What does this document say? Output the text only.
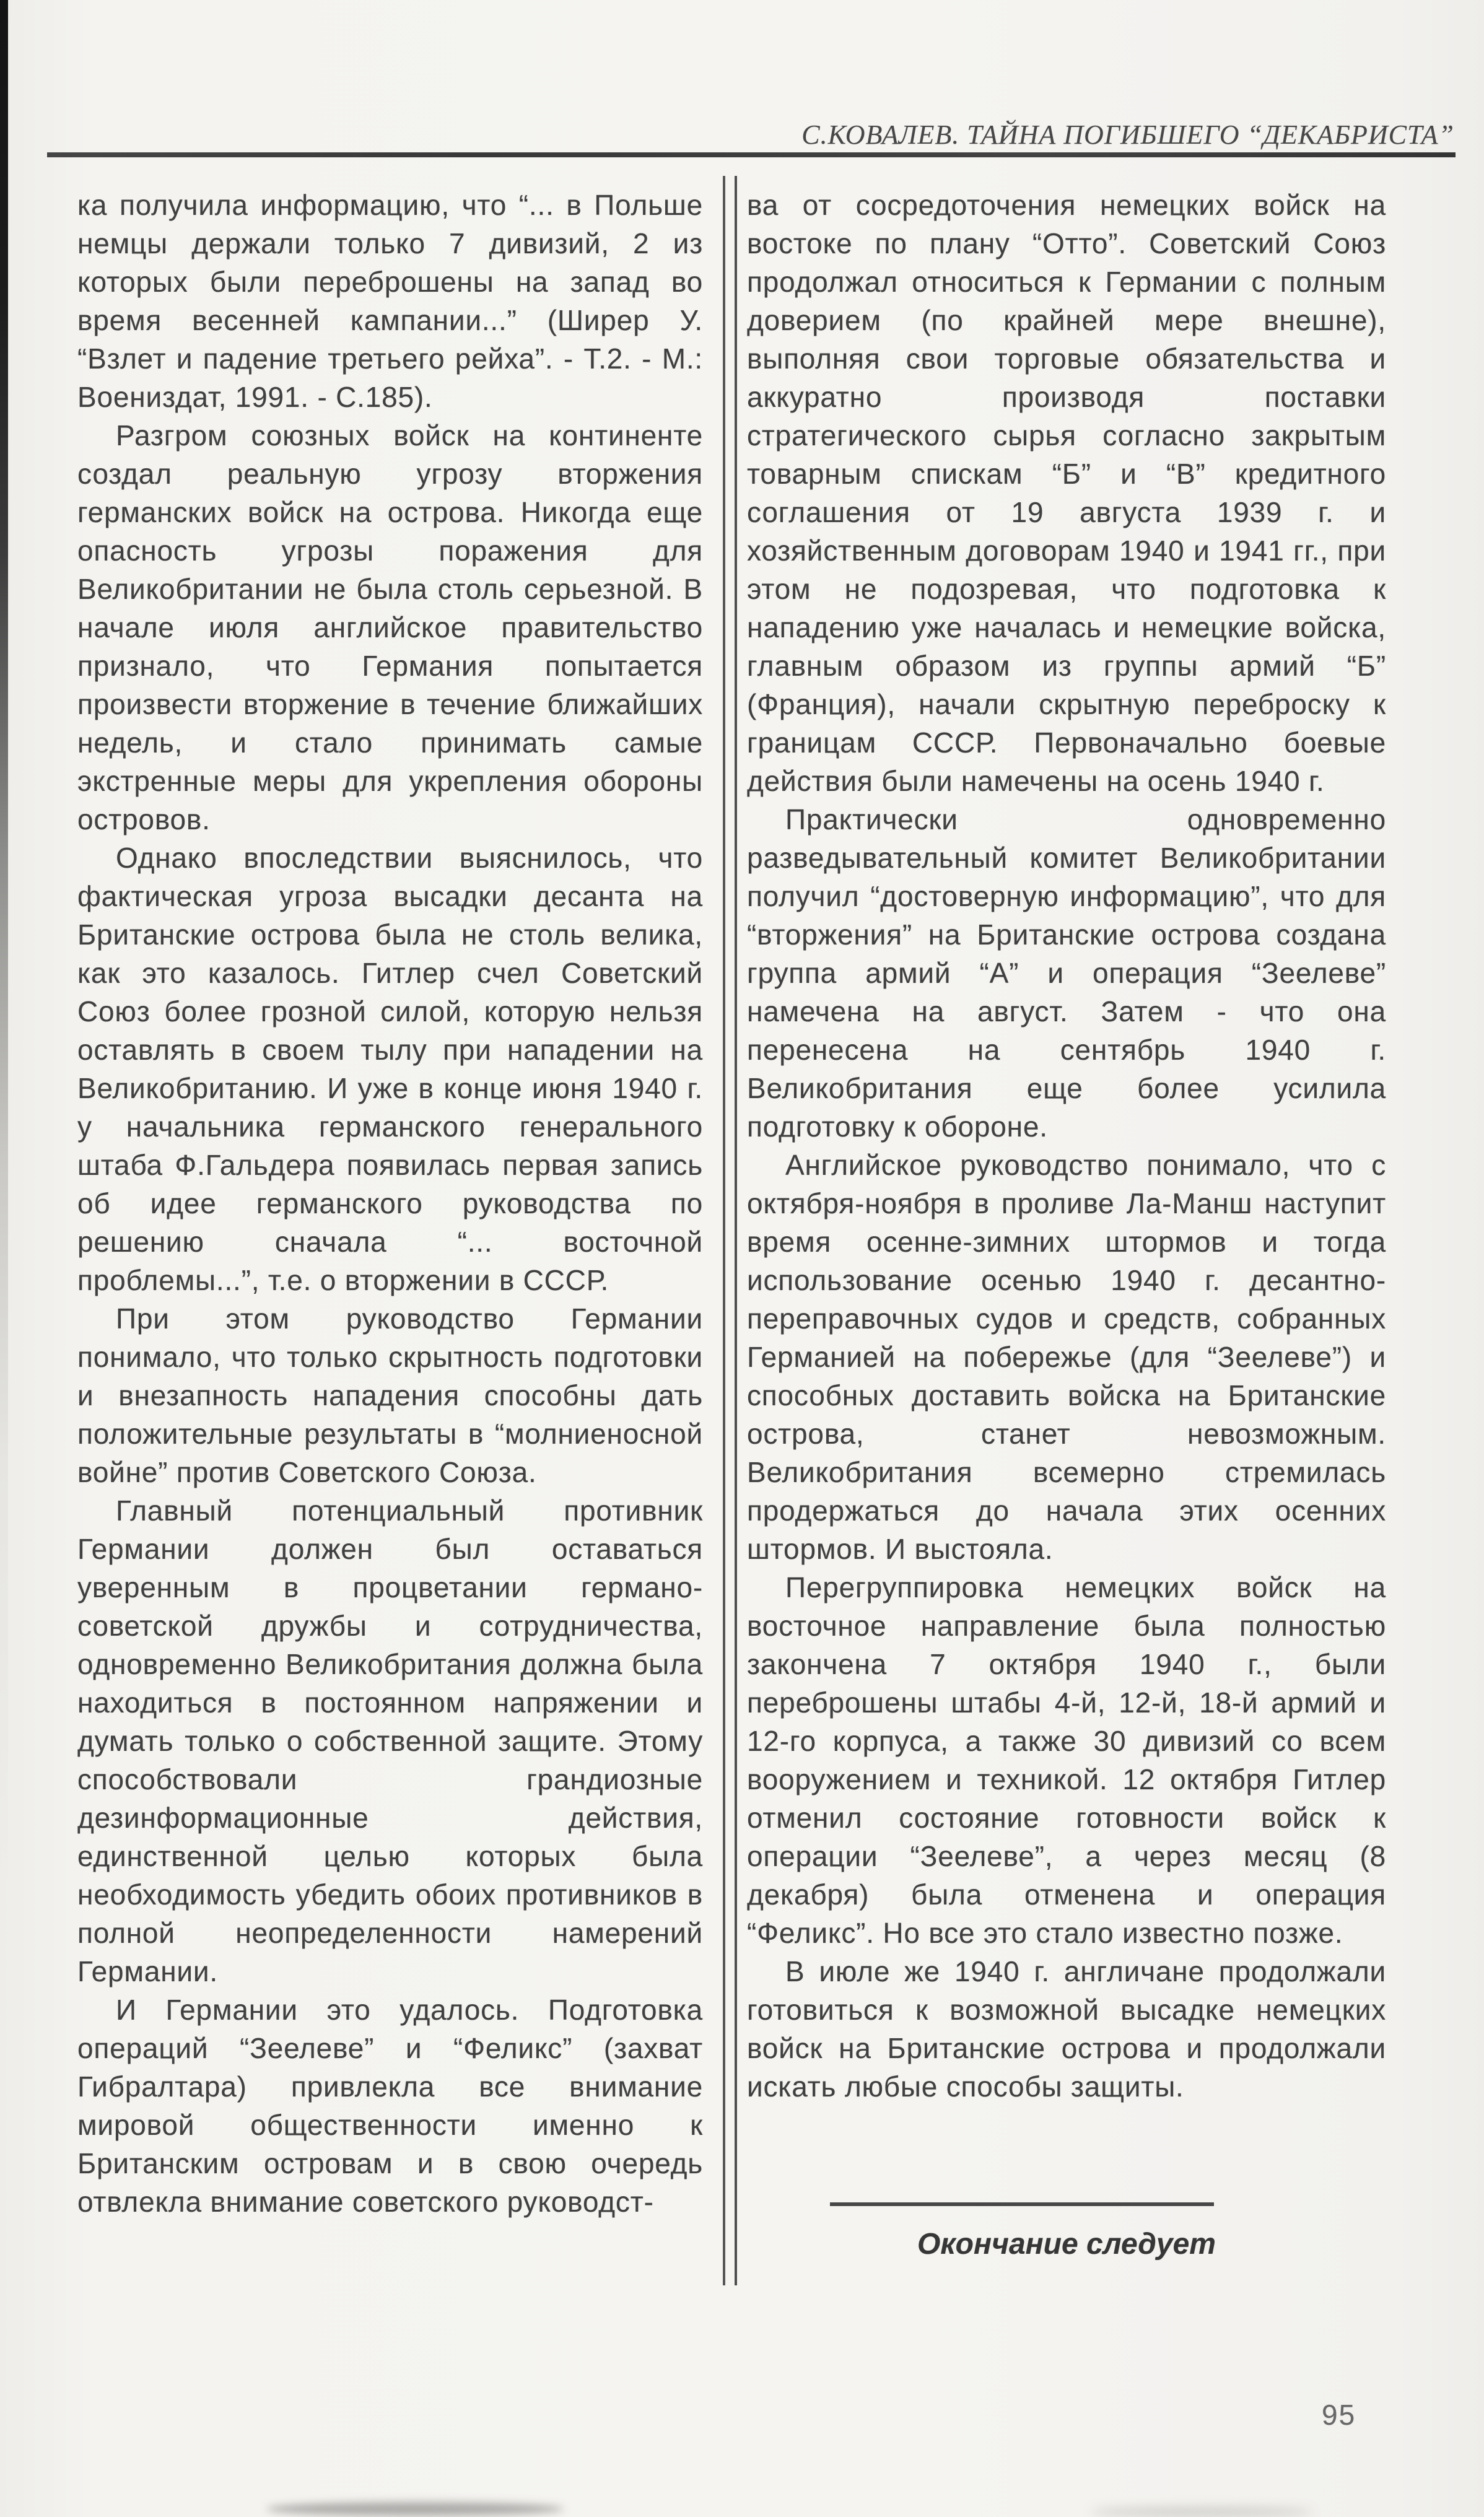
С.КОВАЛЕВ. ТАЙНА ПОГИБШЕГО “ДЕКАБРИСТА”

ка получила информацию, что “... в Польше немцы держали только 7 дивизий, 2 из которых были переброшены на запад во время весенней кампании...” (Ширер У. “Взлет и падение третьего рейха”. - Т.2. - М.: Воениздат, 1991. - С.185).

Разгром союзных войск на континенте создал реальную угрозу вторжения германских войск на острова. Никогда еще опасность угрозы поражения для Великобритании не была столь серьезной. В начале июля английское правительство признало, что Германия попытается произвести вторжение в течение ближайших недель, и стало принимать самые экстренные меры для укрепления обороны островов.

Однако впоследствии выяснилось, что фактическая угроза высадки десанта на Британские острова была не столь велика, как это казалось. Гитлер счел Советский Союз более грозной силой, которую нельзя оставлять в своем тылу при нападении на Великобританию. И уже в конце июня 1940 г. у начальника германского генерального штаба Ф.Гальдера появилась первая запись об идее германского руководства по решению сначала “... восточной проблемы...”, т.е. о вторжении в СССР.

При этом руководство Германии понимало, что только скрытность подготовки и внезапность нападения способны дать положительные результаты в “молниеносной войне” против Советского Союза.

Главный потенциальный противник Германии должен был оставаться уверенным в процветании германо-советской дружбы и сотрудничества, одновременно Великобритания должна была находиться в постоянном напряжении и думать только о собственной защите. Этому способствовали грандиозные дезинформационные действия, единственной целью которых была необходимость убедить обоих противников в полной неопределенности намерений Германии.

И Германии это удалось. Подготовка операций “Зеелеве” и “Феликс” (захват Гибралтара) привлекла все внимание мировой общественности именно к Британским островам и в свою очередь отвлекла внимание советского руководст-

ва от сосредоточения немецких войск на востоке по плану “Отто”. Советский Союз продолжал относиться к Германии с полным доверием (по крайней мере внешне), выполняя свои торговые обязательства и аккуратно производя поставки стратегического сырья согласно закрытым товарным спискам “Б” и “В” кредитного соглашения от 19 августа 1939 г. и хозяйственным договорам 1940 и 1941 гг., при этом не подозревая, что подготовка к нападению уже началась и немецкие войска, главным образом из группы армий “Б” (Франция), начали скрытную переброску к границам СССР. Первоначально боевые действия были намечены на осень 1940 г.

Практически одновременно разведывательный комитет Великобритании получил “достоверную информацию”, что для “вторжения” на Британские острова создана группа армий “А” и операция “Зеелеве” намечена на август. Затем - что она перенесена на сентябрь 1940 г. Великобритания еще более усилила подготовку к обороне.

Английское руководство понимало, что с октября-ноября в проливе Ла-Манш наступит время осенне-зимних штормов и тогда использование осенью 1940 г. десантно-переправочных судов и средств, собранных Германией на побережье (для “Зеелеве”) и способных доставить войска на Британские острова, станет невозможным. Великобритания всемерно стремилась продержаться до начала этих осенних штормов. И выстояла.

Перегруппировка немецких войск на восточное направление была полностью закончена 7 октября 1940 г., были переброшены штабы 4-й, 12-й, 18-й армий и 12-го корпуса, а также 30 дивизий со всем вооружением и техникой. 12 октября Гитлер отменил состояние готовности войск к операции “Зеелеве”, а через месяц (8 декабря) была отменена и операция “Феликс”. Но все это стало известно позже.

В июле же 1940 г. англичане продолжали готовиться к возможной высадке немецких войск на Британские острова и продолжали искать любые способы защиты.

Окончание следует
95
